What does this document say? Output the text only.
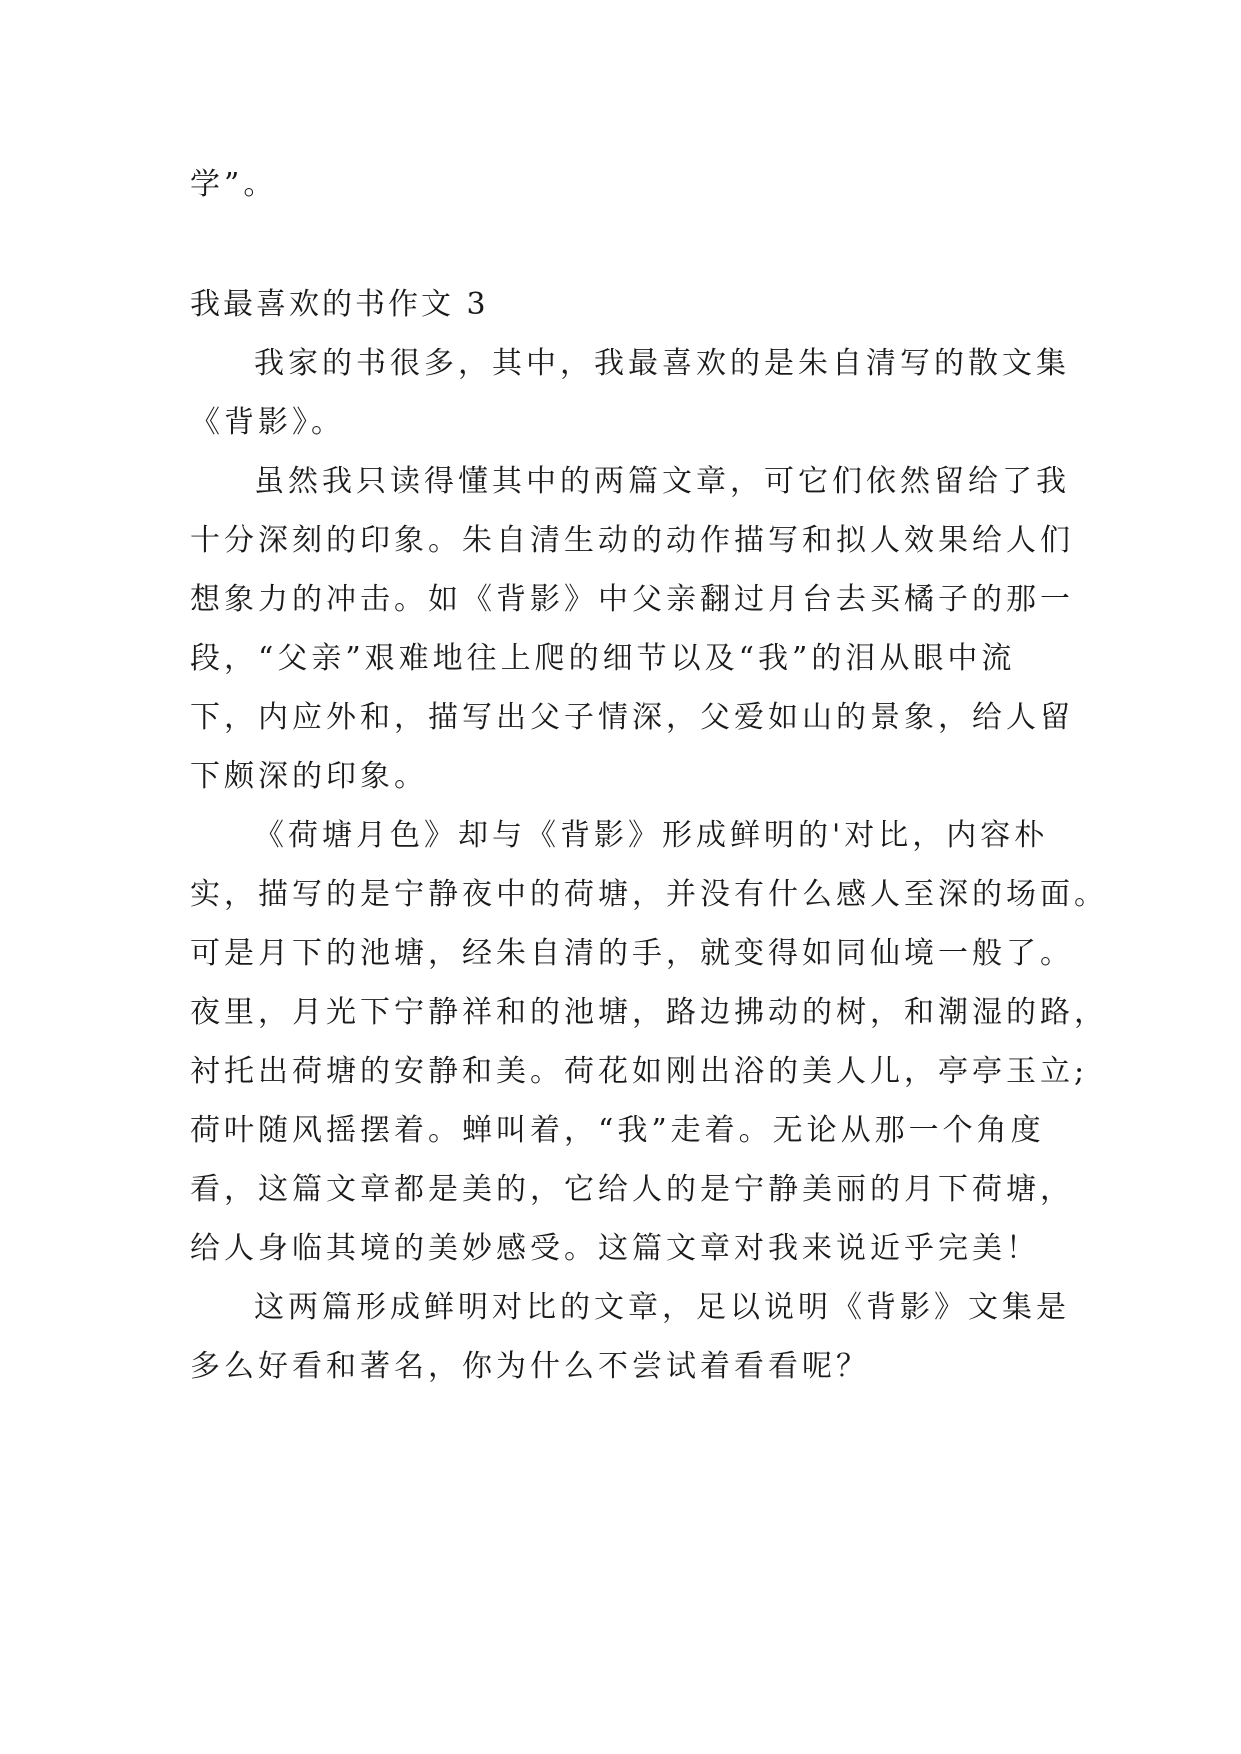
学”。
我最喜欢的书作文 3
我家的书很多，其中，我最喜欢的是朱自清写的散文集
《背影》。
虽然我只读得懂其中的两篇文章，可它们依然留给了我
十分深刻的印象。朱自清生动的动作描写和拟人效果给人们
想象力的冲击。如《背影》中父亲翻过月台去买橘子的那一
段，“父亲”艰难地往上爬的细节以及“我”的泪从眼中流
下，内应外和，描写出父子情深，父爱如山的景象，给人留
下颇深的印象。
《荷塘月色》却与《背影》形成鲜明的'对比，内容朴
实，描写的是宁静夜中的荷塘，并没有什么感人至深的场面。
可是月下的池塘，经朱自清的手，就变得如同仙境一般了。
夜里，月光下宁静祥和的池塘，路边拂动的树，和潮湿的路，
衬托出荷塘的安静和美。荷花如刚出浴的美人儿，亭亭玉立;
荷叶随风摇摆着。蝉叫着，“我”走着。无论从那一个角度
看，这篇文章都是美的，它给人的是宁静美丽的月下荷塘，
给人身临其境的美妙感受。这篇文章对我来说近乎完美！
这两篇形成鲜明对比的文章，足以说明《背影》文集是
多么好看和著名，你为什么不尝试着看看呢？
